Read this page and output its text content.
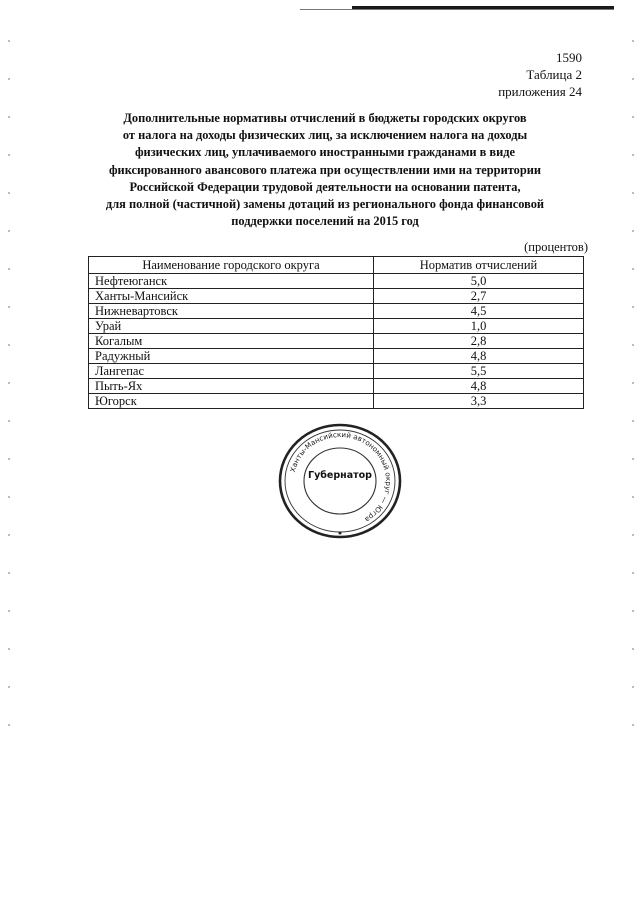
1590
Таблица 2
приложения 24
Дополнительные нормативы отчислений в бюджеты городских округов
от налога на доходы физических лиц, за исключением налога на доходы
физических лиц, уплачиваемого иностранными гражданами в виде
фиксированного авансового платежа при осуществлении ими на территории
Российской Федерации трудовой деятельности на основании патента,
для полной (частичной) замены дотаций из регионального фонда финансовой
поддержки поселений на 2015 год
(процентов)
Наименование городского округа	Норматив отчислений
Нефтеюганск	5,0
Ханты-Мансийск	2,7
Нижневартовск	4,5
Урай	1,0
Когалым	2,8
Радужный	4,8
Лангепас	5,5
Пыть-Ях	4,8
Югорск	3,3
Ханты-Мансийский автономный округ — Югра
Губернатор
